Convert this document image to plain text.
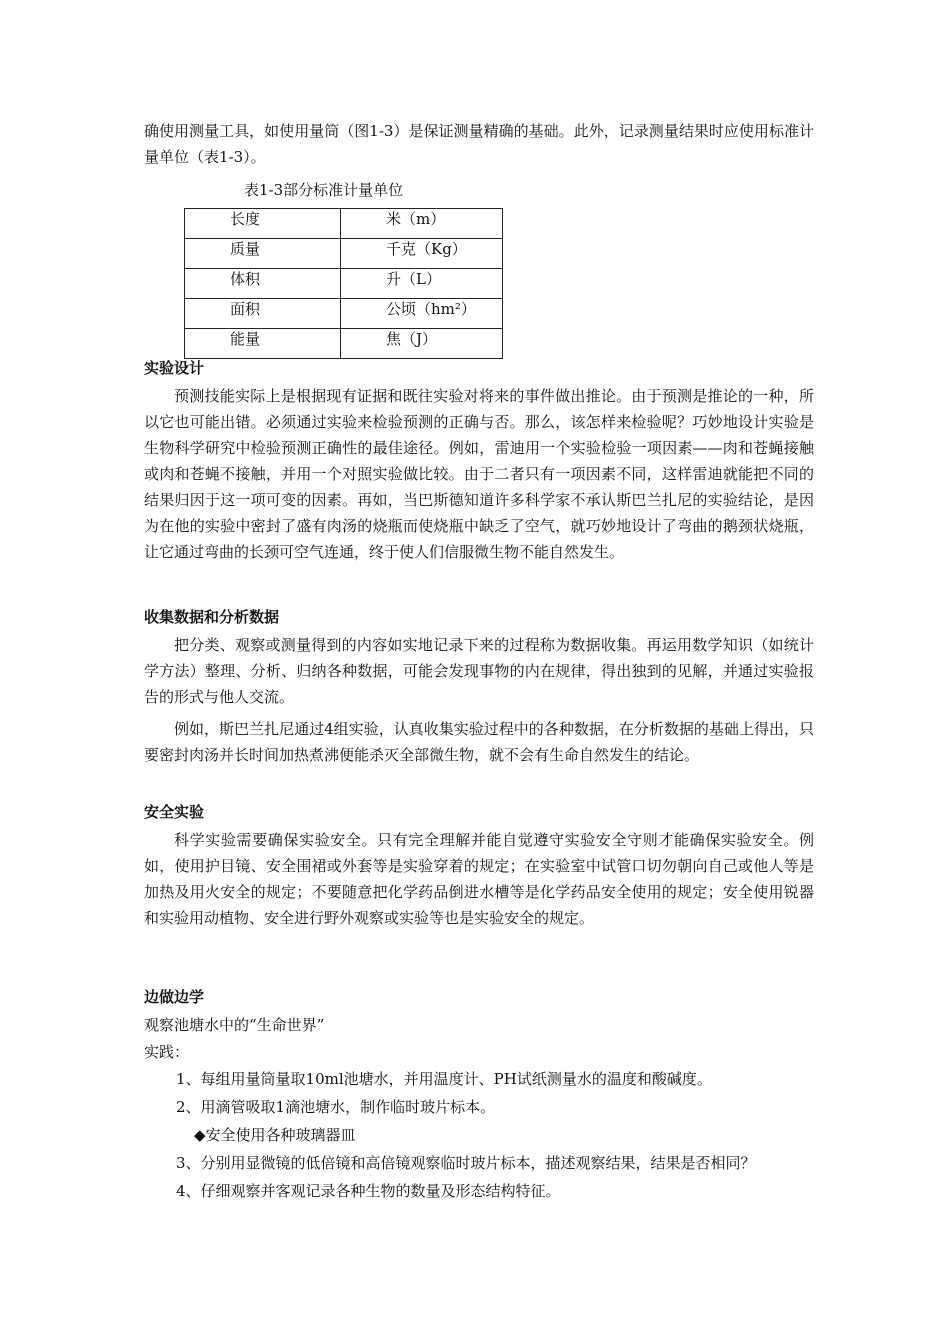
确使用测量工具，如使用量筒（图1-3）是保证测量精确的基础。此外，记录测量结果时应使用标准计量单位（表1-3）。

表1-3部分标准计量单位

长度	米（m）
质量	千克（Kg）
体积	升（L）
面积	公顷（hm²）
能量	焦（J）
实验设计

预测技能实际上是根据现有证据和既往实验对将来的事件做出推论。由于预测是推论的一种，所以它也可能出错。必须通过实验来检验预测的正确与否。那么，该怎样来检验呢？巧妙地设计实验是生物科学研究中检验预测正确性的最佳途径。例如，雷迪用一个实验检验一项因素——肉和苍蝇接触或肉和苍蝇不接触，并用一个对照实验做比较。由于二者只有一项因素不同，这样雷迪就能把不同的结果归因于这一项可变的因素。再如，当巴斯德知道许多科学家不承认斯巴兰扎尼的实验结论，是因为在他的实验中密封了盛有肉汤的烧瓶而使烧瓶中缺乏了空气，就巧妙地设计了弯曲的鹅颈状烧瓶，让它通过弯曲的长颈可空气连通，终于使人们信服微生物不能自然发生。

收集数据和分析数据

把分类、观察或测量得到的内容如实地记录下来的过程称为数据收集。再运用数学知识（如统计学方法）整理、分析、归纳各种数据，可能会发现事物的内在规律，得出独到的见解，并通过实验报告的形式与他人交流。

例如，斯巴兰扎尼通过4组实验，认真收集实验过程中的各种数据，在分析数据的基础上得出，只要密封肉汤并长时间加热煮沸便能杀灭全部微生物，就不会有生命自然发生的结论。

安全实验

科学实验需要确保实验安全。只有完全理解并能自觉遵守实验安全守则才能确保实验安全。例如，使用护目镜、安全围裙或外套等是实验穿着的规定；在实验室中试管口切勿朝向自己或他人等是加热及用火安全的规定；不要随意把化学药品倒进水槽等是化学药品安全使用的规定；安全使用锐器和实验用动植物、安全进行野外观察或实验等也是实验安全的规定。

边做边学

观察池塘水中的“生命世界”

实践：

1、每组用量筒量取10ml池塘水，并用温度计、PH试纸测量水的温度和酸碱度。

2、用滴管吸取1滴池塘水，制作临时玻片标本。

◆安全使用各种玻璃器皿

3、分别用显微镜的低倍镜和高倍镜观察临时玻片标本，描述观察结果，结果是否相同？

4、仔细观察并客观记录各种生物的数量及形态结构特征。
